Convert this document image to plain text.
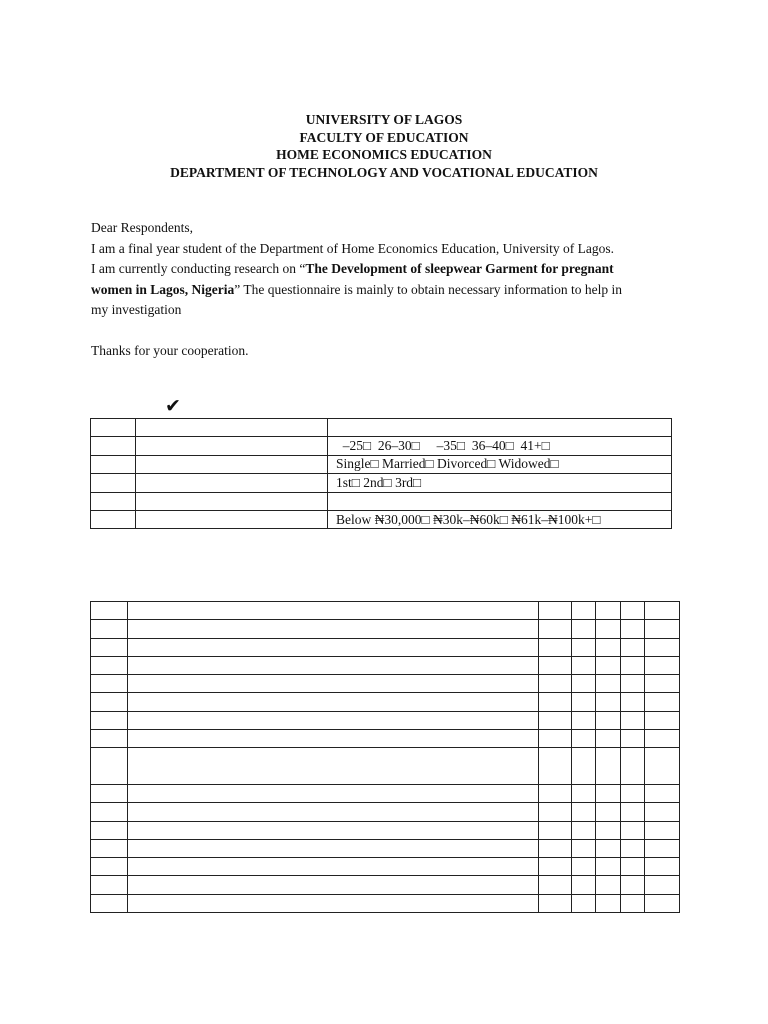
UNIVERSITY OF LAGOS
FACULTY OF EDUCATION
HOME ECONOMICS EDUCATION
DEPARTMENT OF TECHNOLOGY AND VOCATIONAL EDUCATION

Dear Respondents,

I am a final year student of the Department of Home Economics Education, University of Lagos.

I am currently conducting research on “The Development of sleepwear Garment for pregnant

women in Lagos, Nigeria” The questionnaire is mainly to obtain necessary information to help in

my investigation

Thanks for your cooperation.

✔

		–25□  26–30□     –35□  36–40□  41+□
		Single□ Married□ Divorced□ Widowed□
		1st□ 2nd□ 3rd□

		Below ₦30,000□ ₦30k–₦60k□ ₦61k–₦100k+□
